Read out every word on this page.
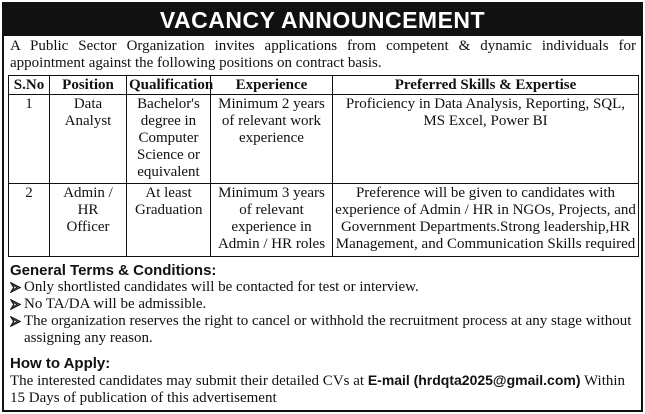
VACANCY ANNOUNCEMENT

A Public Sector Organization invites applications from competent & dynamic individuals for appointment against the following positions on contract basis.

S.No	Position	Qualification	Experience	Preferred Skills & Expertise
1	Data Analyst	Bachelor's degree in Computer Science or equivalent	Minimum 2 years of relevant work experience	Proficiency in Data Analysis, Reporting, SQL, MS Excel, Power BI
2	Admin / HR Officer	At least Graduation	Minimum 3 years of relevant experience in Admin / HR roles	Preference will be given to candidates with experience of Admin / HR in NGOs, Projects, and Government Departments.Strong leadership,HR Management, and Communication Skills required
General Terms & Conditions:
Only shortlisted candidates will be contacted for test or interview.
No TA/DA will be admissible.
The organization reserves the right to cancel or withhold the recruitment process at any stage without assigning any reason.
How to Apply:

The interested candidates may submit their detailed CVs at E-mail (hrdqta2025@gmail.com) Within 15 Days of publication of this advertisement
